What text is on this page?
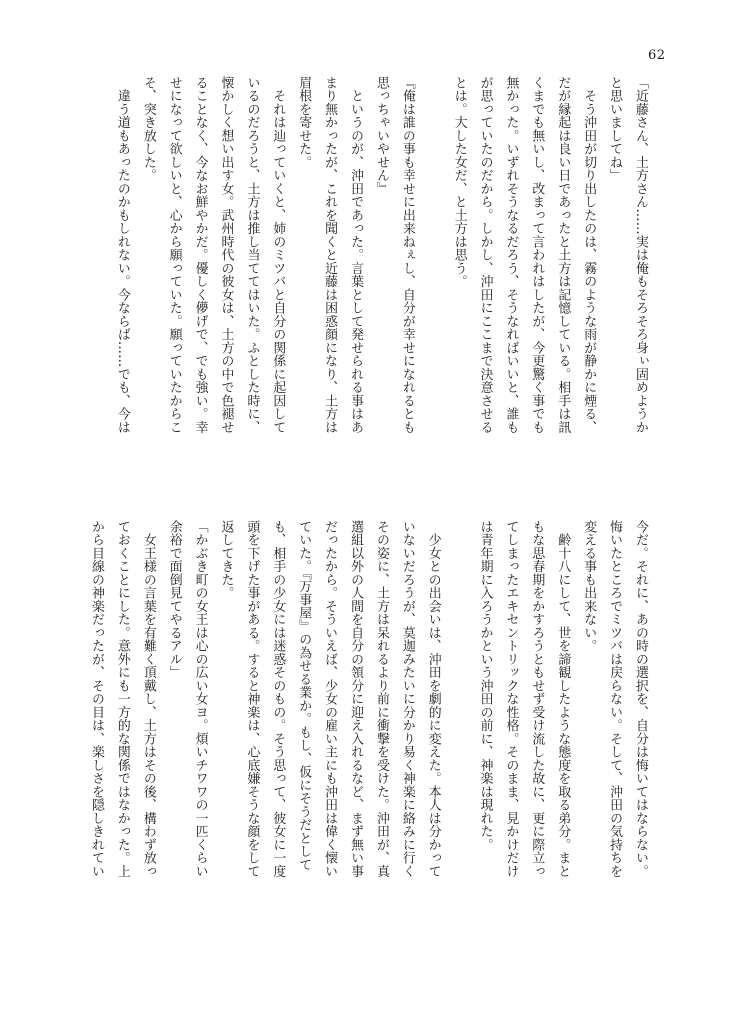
62
「近藤さん、土方さん……実は俺もそろそろ身ぃ固めようか
と思いましてね」
　そう沖田が切り出したのは、霧のような雨が静かに煙る、
だが縁起は良い日であったと土方は記憶している。相手は訊
くまでも無いし、改まって言われはしたが、今更驚く事でも
無かった。いずれそうなるだろう、そうなればいいと、誰も
が思っていたのだから。しかし、沖田にここまで決意させる
とは。大した女だ、と土方は思う。

『俺は誰の事も幸せに出来ねぇし、自分が幸せになれるとも
思っちゃいやせん』
　というのが、沖田であった。言葉として発せられる事はあ
まり無かったが、これを聞くと近藤は困惑顔になり、土方は
眉根を寄せた。
　それは辿っていくと、姉のミツバと自分の関係に起因して
いるのだろうと、土方は推し当ててはいた。ふとした時に、
懐かしく想い出す女。武州時代の彼女は、土方の中で色褪せ
ることなく、今なお鮮やかだ。優しく儚げで、でも強い。幸
せになって欲しいと、心から願っていた。願っていたからこ
そ、突き放した。
　違う道もあったのかもしれない。今ならば……でも、今は
今だ。それに、あの時の選択を、自分は悔いてはならない。
悔いたところでミツバは戻らない。そして、沖田の気持ちを
変える事も出来ない。
　齢十八にして、世を諦観したような態度を取る弟分。まと
もな思春期をかすろうともせず受け流した故に、更に際立っ
てしまったエキセントリックな性格。そのまま、見かけだけ
は青年期に入ろうかという沖田の前に、神楽は現れた。

　少女との出会いは、沖田を劇的に変えた。本人は分かって
いないだろうが、莫迦みたいに分かり易く神楽に絡みに行く
その姿に、土方は呆れるより前に衝撃を受けた。沖田が、真
選組以外の人間を自分の領分に迎え入れるなど、まず無い事
だったから。そういえば、少女の雇い主にも沖田は偉く懐い
ていた。『万事屋』の為せる業か。もし、仮にそうだとして
も、相手の少女には迷惑そのもの。そう思って、彼女に一度
頭を下げた事がある。すると神楽は、心底嫌そうな顔をして
返してきた。
「かぶき町の女王は心の広い女ヨ。煩いチワワの一匹くらい
余裕で面倒見てやるアル」
　女王様の言葉を有難く頂戴し、土方はその後、構わず放っ
ておくことにした。意外にも一方的な関係ではなかった。上
から目線の神楽だったが、その目は、楽しさを隠しきれてい
